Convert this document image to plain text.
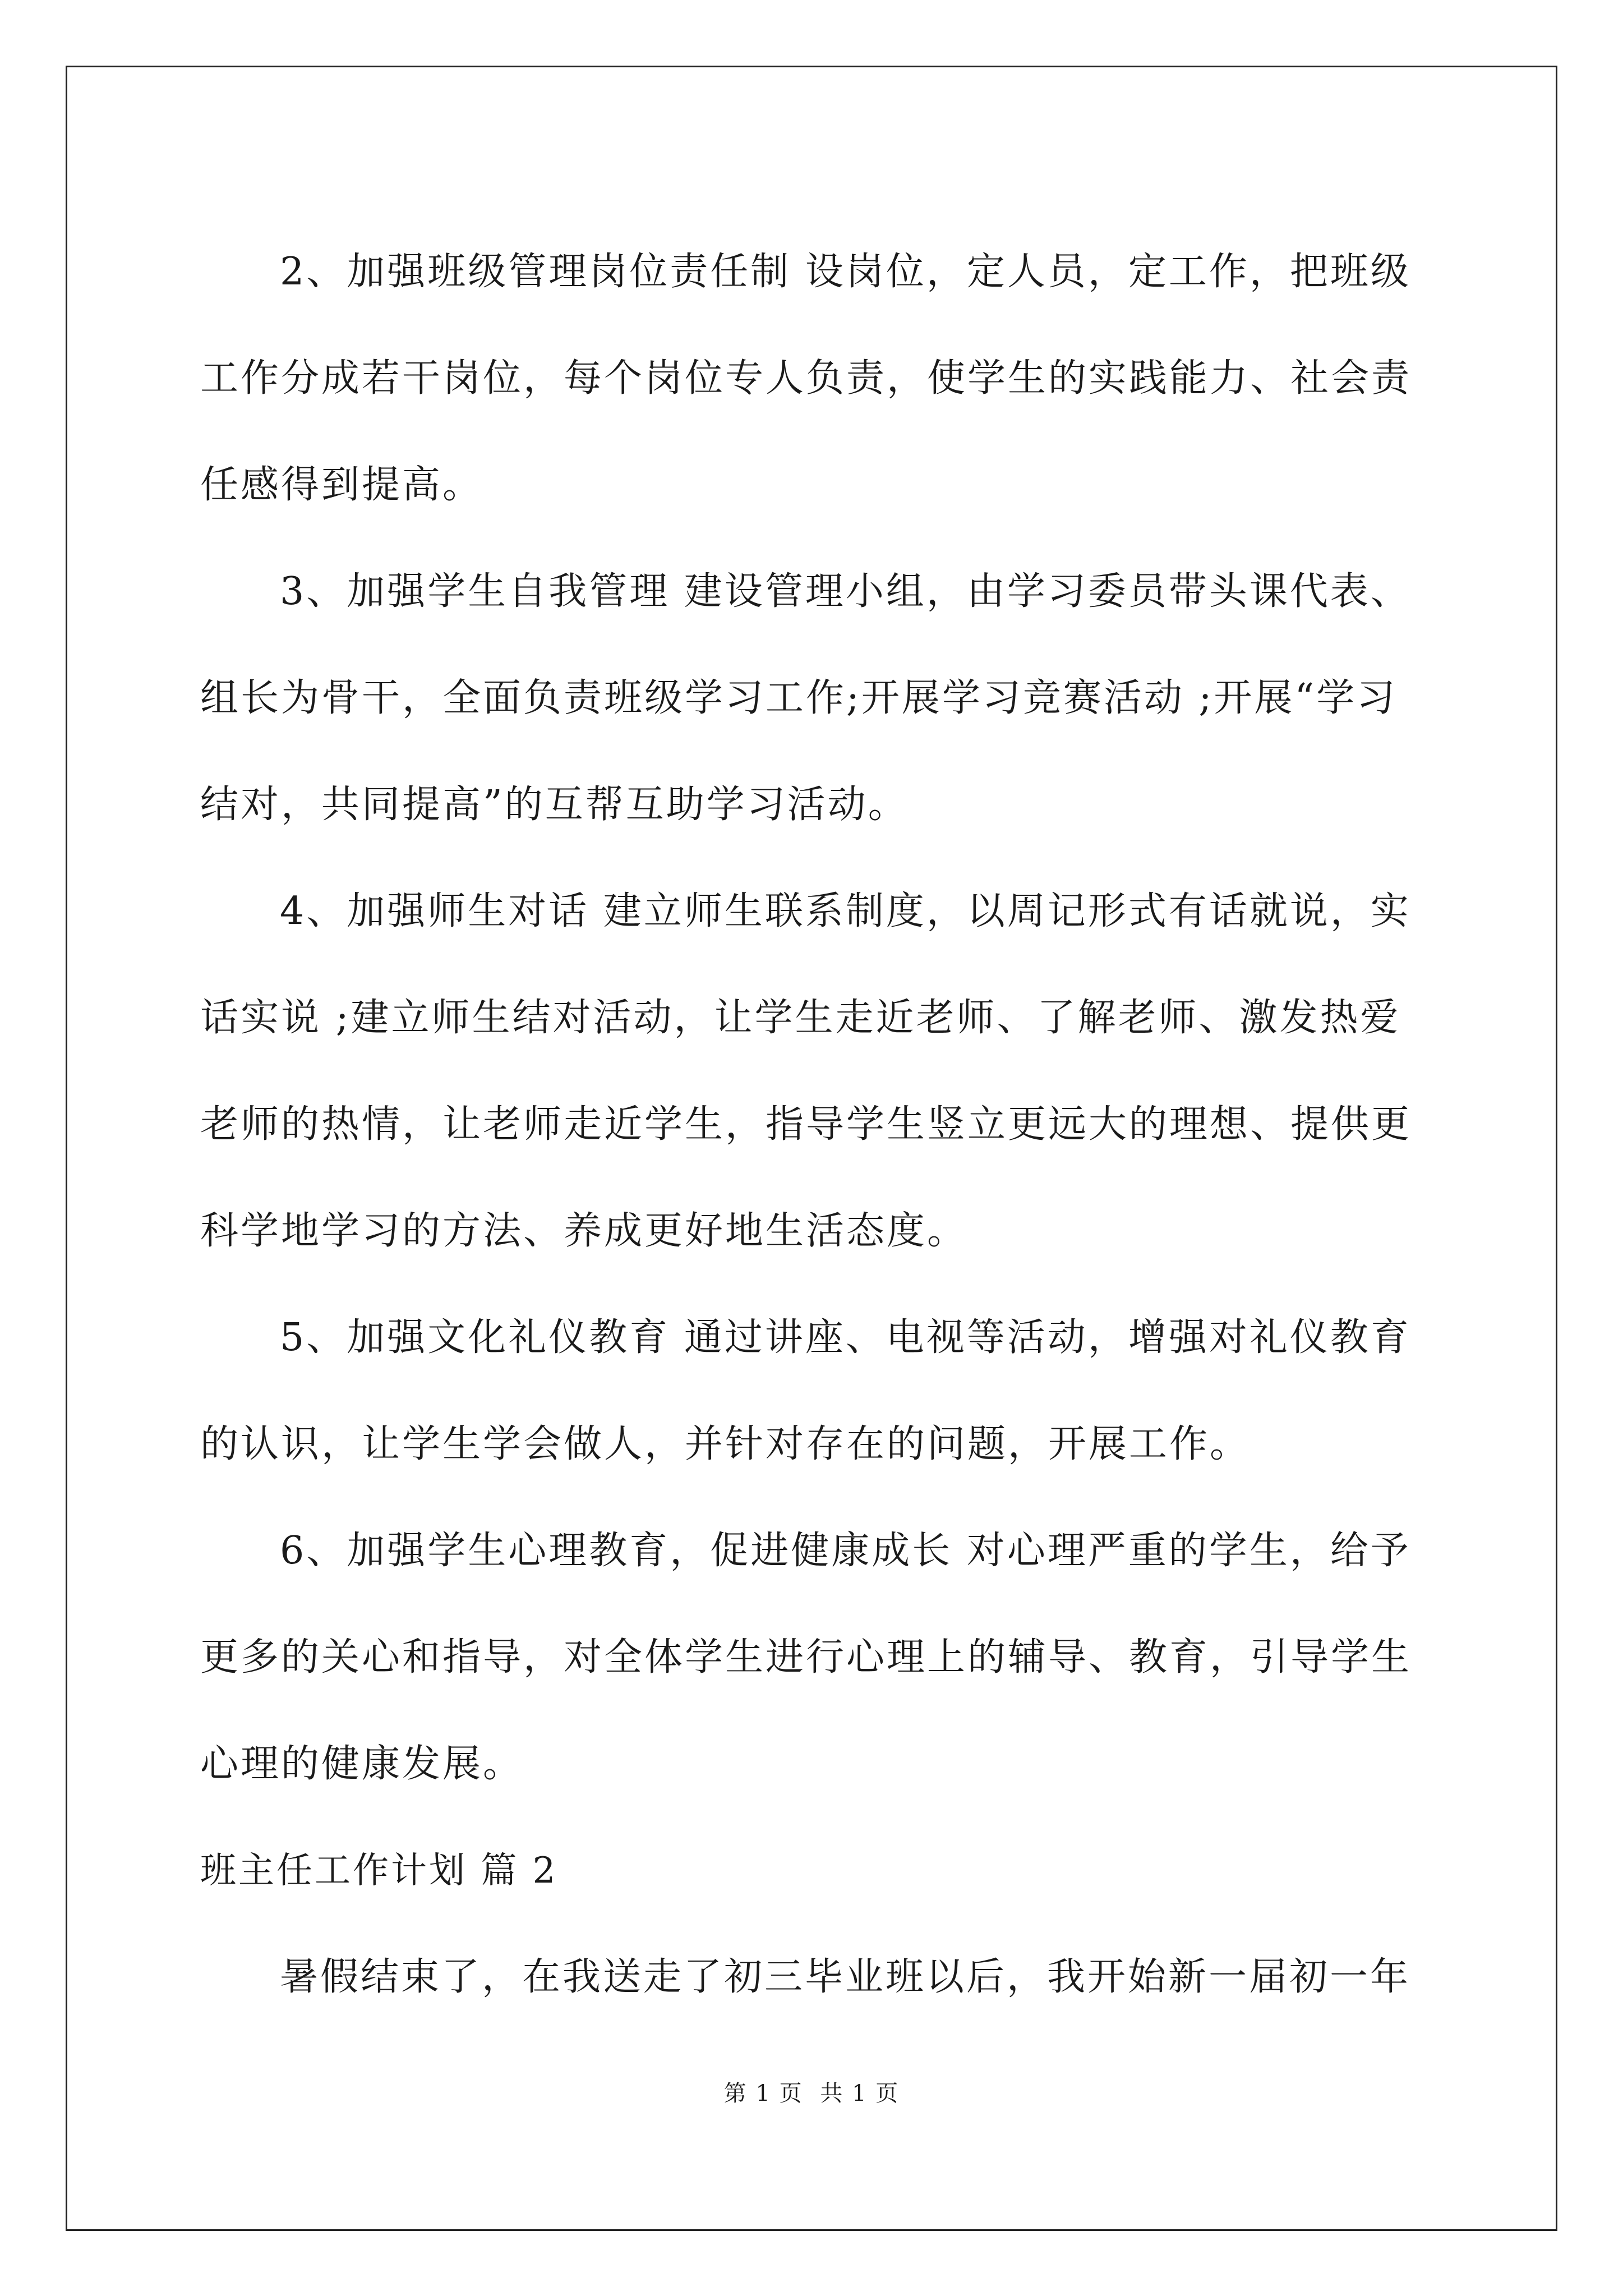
2、加强班级管理岗位责任制 设岗位，定人员，定工作，把班级工作分成若干岗位，每个岗位专人负责，使学生的实践能力、社会责任感得到提高。

3、加强学生自我管理 建设管理小组，由学习委员带头课代表、组长为骨干，全面负责班级学习工作;开展学习竞赛活动 ;开展“学习结对，共同提高”的互帮互助学习活动。

4、加强师生对话 建立师生联系制度，以周记形式有话就说，实话实说 ;建立师生结对活动，让学生走近老师、了解老师、激发热爱老师的热情，让老师走近学生，指导学生竖立更远大的理想、提供更科学地学习的方法、养成更好地生活态度。

5、加强文化礼仪教育 通过讲座、电视等活动，增强对礼仪教育的认识，让学生学会做人，并针对存在的问题，开展工作。

6、加强学生心理教育，促进健康成长 对心理严重的学生，给予更多的关心和指导，对全体学生进行心理上的辅导、教育，引导学生心理的健康发展。

班主任工作计划 篇 2

暑假结束了，在我送走了初三毕业班以后，我开始新一届初一年

第 1 页 共 1 页
